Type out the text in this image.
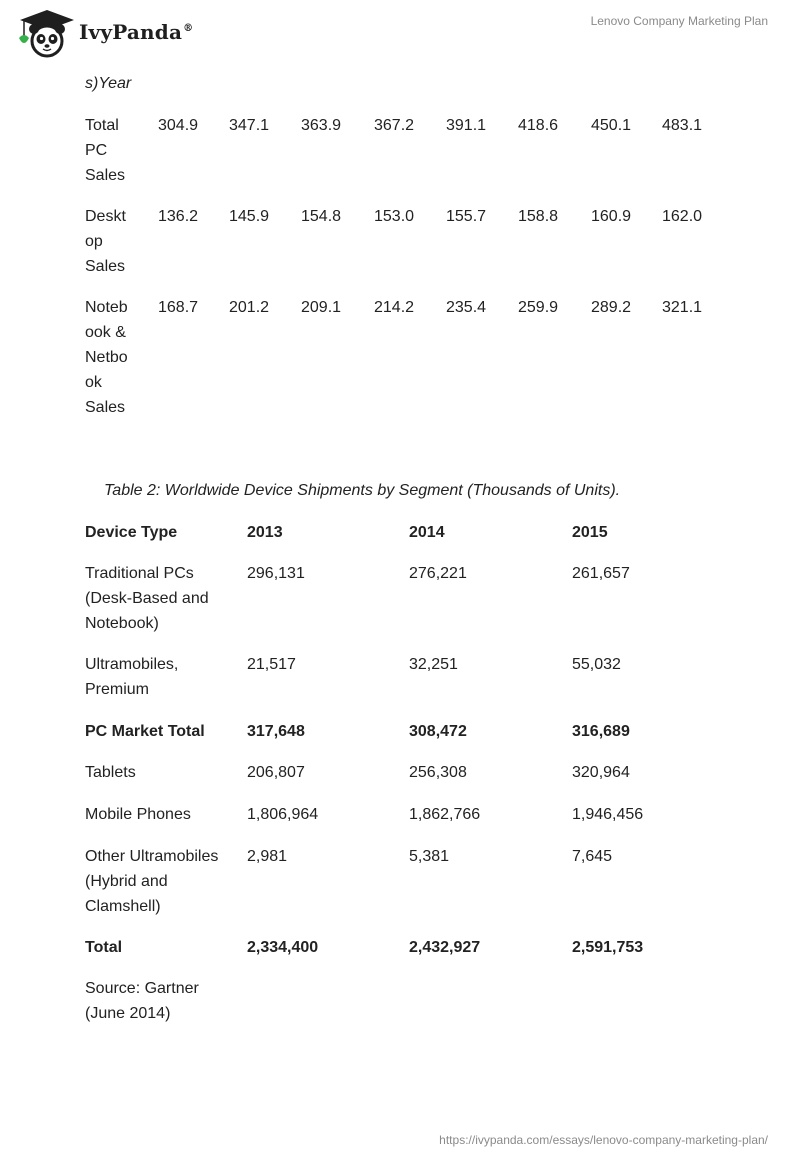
IvyPanda®
Lenovo Company Marketing Plan
s)Year
Total
PC
Sales
304.9 347.1 363.9 367.2 391.1 418.6 450.1 483.1
Deskt
op
Sales
136.2 145.9 154.8 153.0 155.7 158.8 160.9 162.0
Noteb
ook &
Netbo
ok
Sales
168.7 201.2 209.1 214.2 235.4 259.9 289.2 321.1
Table 2: Worldwide Device Shipments by Segment (Thousands of Units).
Device Type	2013	2014	2015
Traditional PCs
(Desk-Based and
Notebook)
296,131	276,221	261,657
Ultramobiles,
Premium
21,517	32,251	55,032
PC Market Total	317,648	308,472	316,689
Tablets	206,807	256,308	320,964
Mobile Phones	1,806,964	1,862,766	1,946,456
Other Ultramobiles
(Hybrid and
Clamshell)
2,981	5,381	7,645
Total	2,334,400	2,432,927	2,591,753
Source: Gartner
(June 2014)
https://ivypanda.com/essays/lenovo-company-marketing-plan/
